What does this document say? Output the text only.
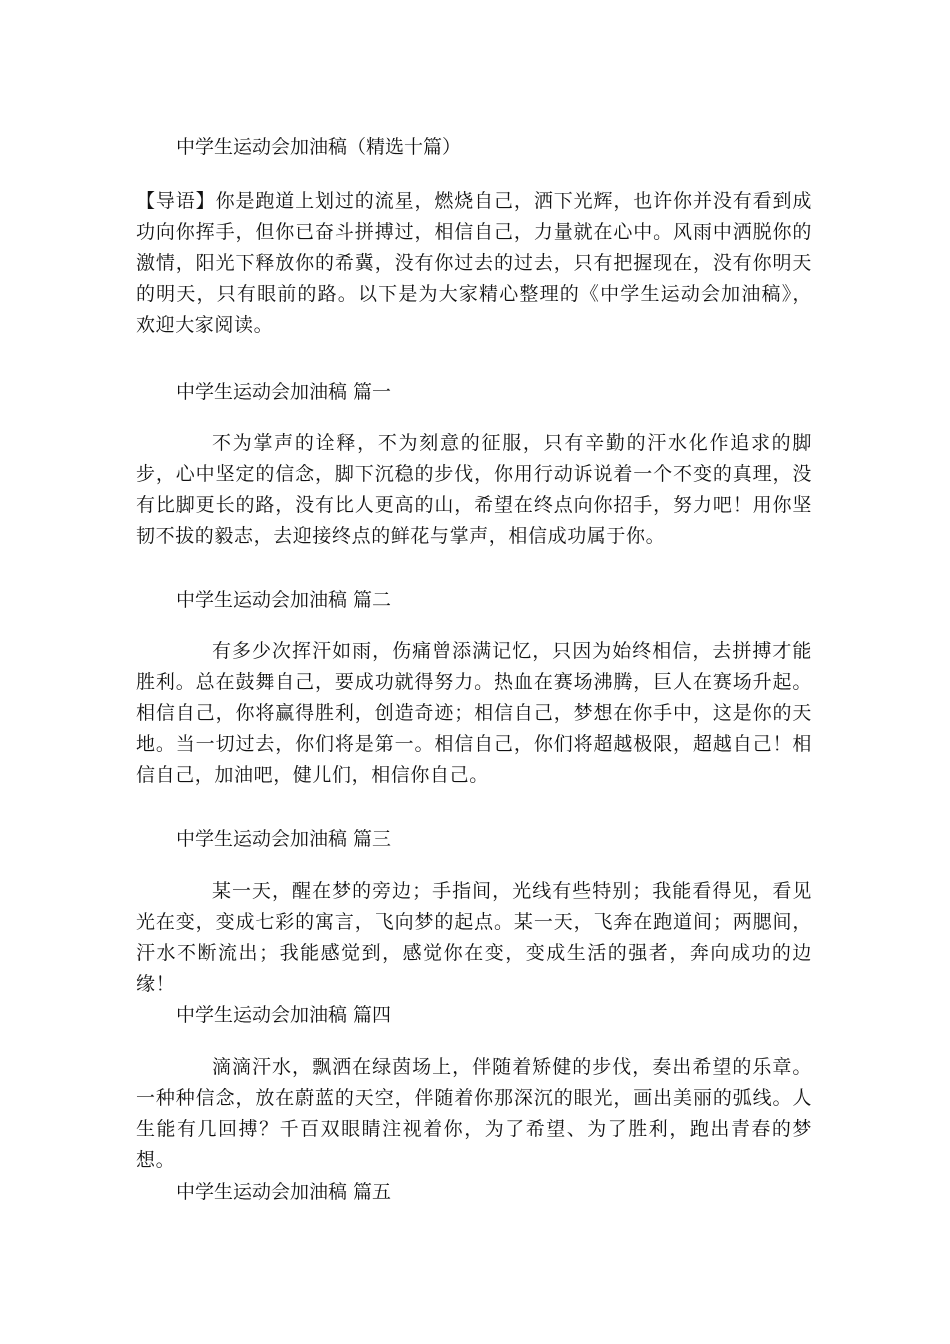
中学生运动会加油稿（精选十篇）

【导语】你是跑道上划过的流星，燃烧自己，洒下光辉，也许你并没有看到成功向你挥手，但你已奋斗拼搏过，相信自己，力量就在心中。风雨中洒脱你的激情，阳光下释放你的希冀，没有你过去的过去，只有把握现在，没有你明天的明天，只有眼前的路。以下是为大家精心整理的《中学生运动会加油稿》，欢迎大家阅读。

中学生运动会加油稿 篇一

不为掌声的诠释，不为刻意的征服，只有辛勤的汗水化作追求的脚步，心中坚定的信念，脚下沉稳的步伐，你用行动诉说着一个不变的真理，没有比脚更长的路，没有比人更高的山，希望在终点向你招手，努力吧！用你坚韧不拔的毅志，去迎接终点的鲜花与掌声，相信成功属于你。

中学生运动会加油稿 篇二

有多少次挥汗如雨，伤痛曾添满记忆，只因为始终相信，去拼搏才能胜利。总在鼓舞自己，要成功就得努力。热血在赛场沸腾，巨人在赛场升起。相信自己，你将赢得胜利，创造奇迹；相信自己，梦想在你手中，这是你的天地。当一切过去，你们将是第一。相信自己，你们将超越极限，超越自己！相信自己，加油吧，健儿们，相信你自己。

中学生运动会加油稿 篇三

某一天，醒在梦的旁边；手指间，光线有些特别；我能看得见，看见光在变，变成七彩的寓言，飞向梦的起点。某一天，飞奔在跑道间；两腮间，汗水不断流出；我能感觉到，感觉你在变，变成生活的强者，奔向成功的边缘！

中学生运动会加油稿 篇四

滴滴汗水，飘洒在绿茵场上，伴随着矫健的步伐，奏出希望的乐章。一种种信念，放在蔚蓝的天空，伴随着你那深沉的眼光，画出美丽的弧线。人生能有几回搏？千百双眼睛注视着你，为了希望、为了胜利，跑出青春的梦想。

中学生运动会加油稿 篇五
